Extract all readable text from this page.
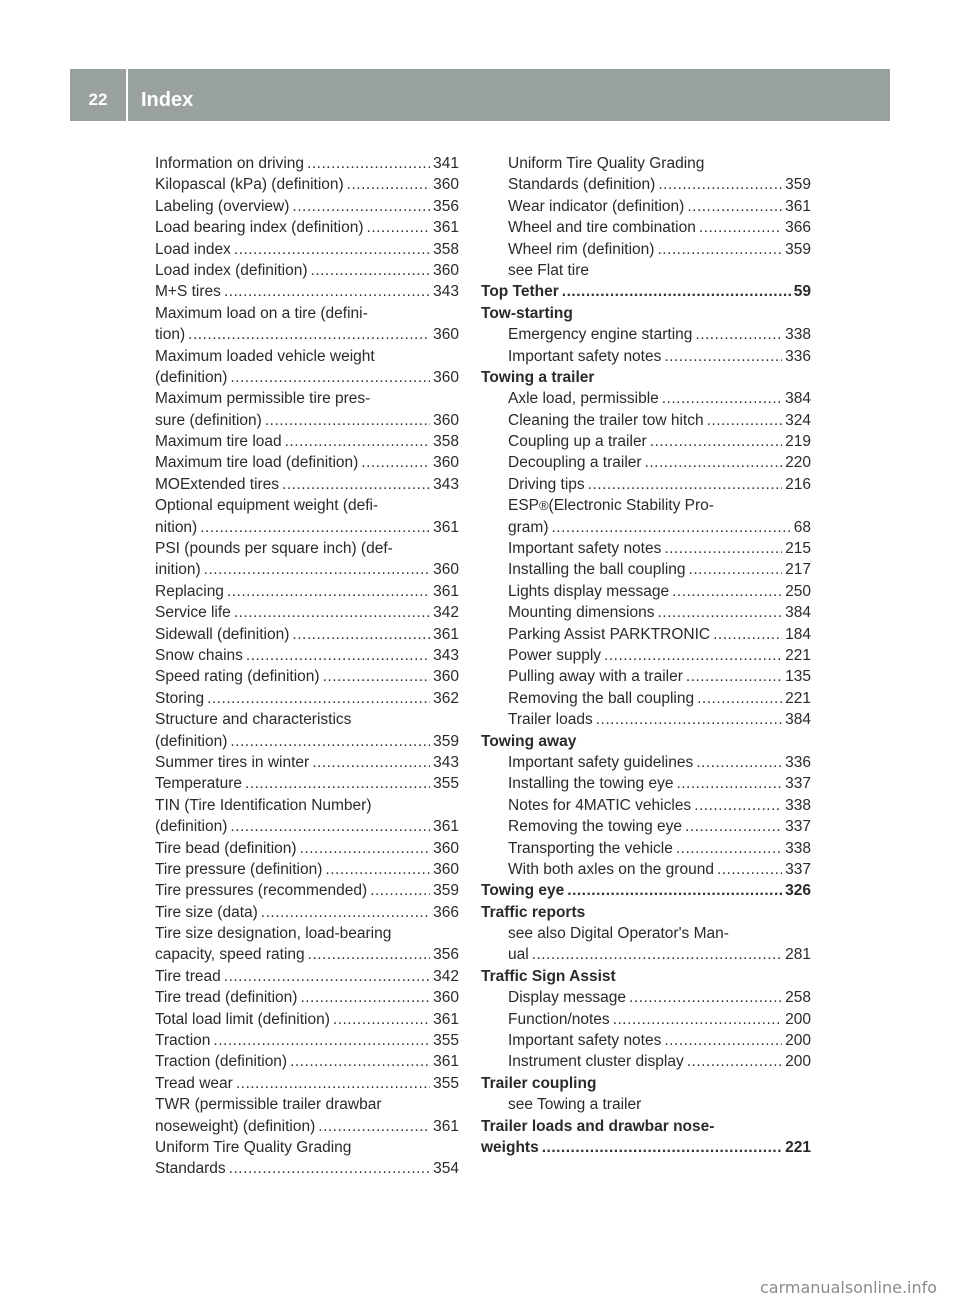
22	Index
Information on driving .....	341
Kilopascal (kPa) (definition) .....	360
Labeling (overview) .....	356
Load bearing index (definition) .....	361
Load index .....	358
Load index (definition) .....	360
M+S tires .....	343
Maximum load on a tire (defini-
tion) .....	360
Maximum loaded vehicle weight
(definition) .....	360
Maximum permissible tire pres-
sure (definition) .....	360
Maximum tire load .....	358
Maximum tire load (definition) .....	360
MOExtended tires .....	343
Optional equipment weight (defi-
nition) .....	361
PSI (pounds per square inch) (def-
inition) .....	360
Replacing .....	361
Service life .....	342
Sidewall (definition) .....	361
Snow chains .....	343
Speed rating (definition) .....	360
Storing .....	362
Structure and characteristics
(definition) .....	359
Summer tires in winter .....	343
Temperature .....	355
TIN (Tire Identification Number)
(definition) .....	361
Tire bead (definition) .....	360
Tire pressure (definition) .....	360
Tire pressures (recommended) .....	359
Tire size (data) .....	366
Tire size designation, load-bearing
capacity, speed rating .....	356
Tire tread .....	342
Tire tread (definition) .....	360
Total load limit (definition) .....	361
Traction .....	355
Traction (definition) .....	361
Tread wear .....	355
TWR (permissible trailer drawbar
noseweight) (definition) .....	361
Uniform Tire Quality Grading
Standards .....	354
Uniform Tire Quality Grading
Standards (definition) .....	359
Wear indicator (definition) .....	361
Wheel and tire combination .....	366
Wheel rim (definition) .....	359
see Flat tire
Top Tether .....	59
Tow-starting
Emergency engine starting .....	338
Important safety notes .....	336
Towing a trailer
Axle load, permissible .....	384
Cleaning the trailer tow hitch .....	324
Coupling up a trailer .....	219
Decoupling a trailer .....	220
Driving tips .....	216
ESP ® (Electronic Stability Pro-
gram) .....	68
Important safety notes .....	215
Installing the ball coupling .....	217
Lights display message .....	250
Mounting dimensions .....	384
Parking Assist PARKTRONIC .....	184
Power supply .....	221
Pulling away with a trailer .....	135
Removing the ball coupling .....	221
Trailer loads .....	384
Towing away
Important safety guidelines .....	336
Installing the towing eye .....	337
Notes for 4MATIC vehicles .....	338
Removing the towing eye .....	337
Transporting the vehicle .....	338
With both axles on the ground .....	337
Towing eye .....	326
Traffic reports
see also Digital Operator's Man-
ual .....	281
Traffic Sign Assist
Display message .....	258
Function/notes .....	200
Important safety notes .....	200
Instrument cluster display .....	200
Trailer coupling
see Towing a trailer
Trailer loads and drawbar nose-
weights .....	221
carmanualsonline.info
